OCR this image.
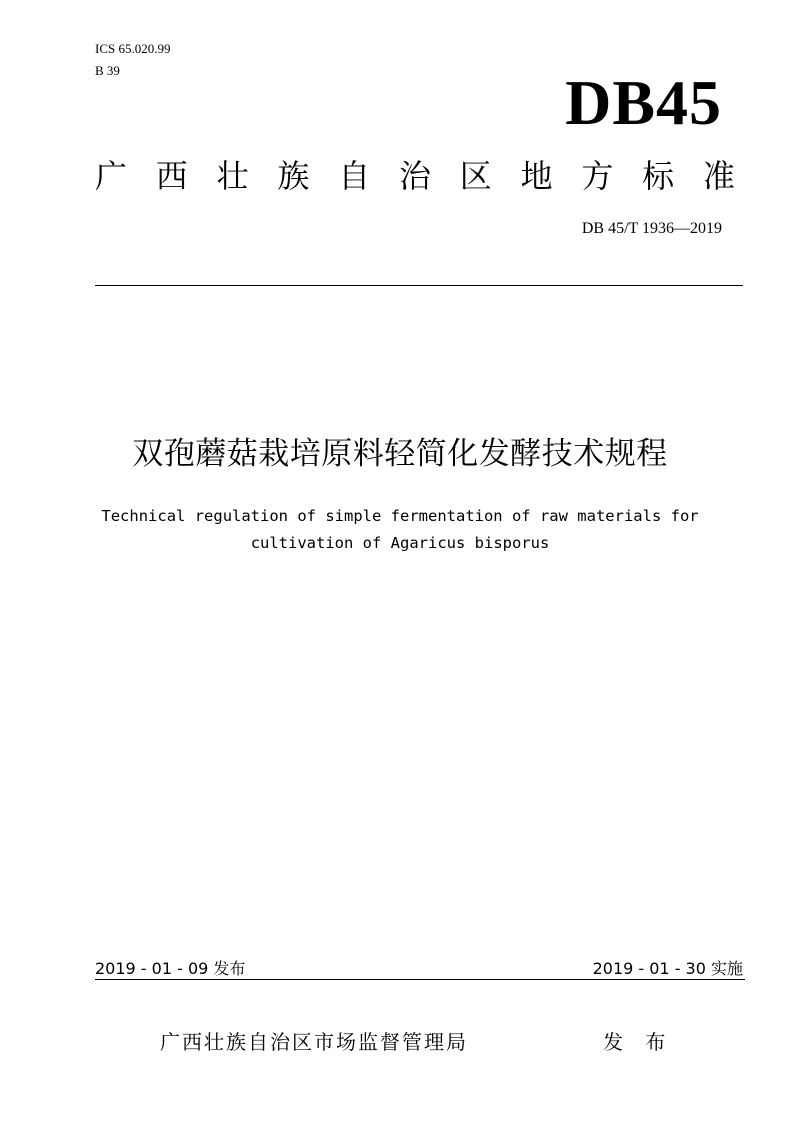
ICS 65.020.99
B 39	DB45
广 西 壮 族 自 治 区 地 方 标 准
DB 45/T 1936—2019
双孢蘑菇栽培原料轻简化发酵技术规程
Technical regulation of simple fermentation of raw materials for
cultivation of Agaricus bisporus
2019 - 01 - 09 发布	2019 - 01 - 30 实施
广西壮族自治区市场监督管理局	发 布
